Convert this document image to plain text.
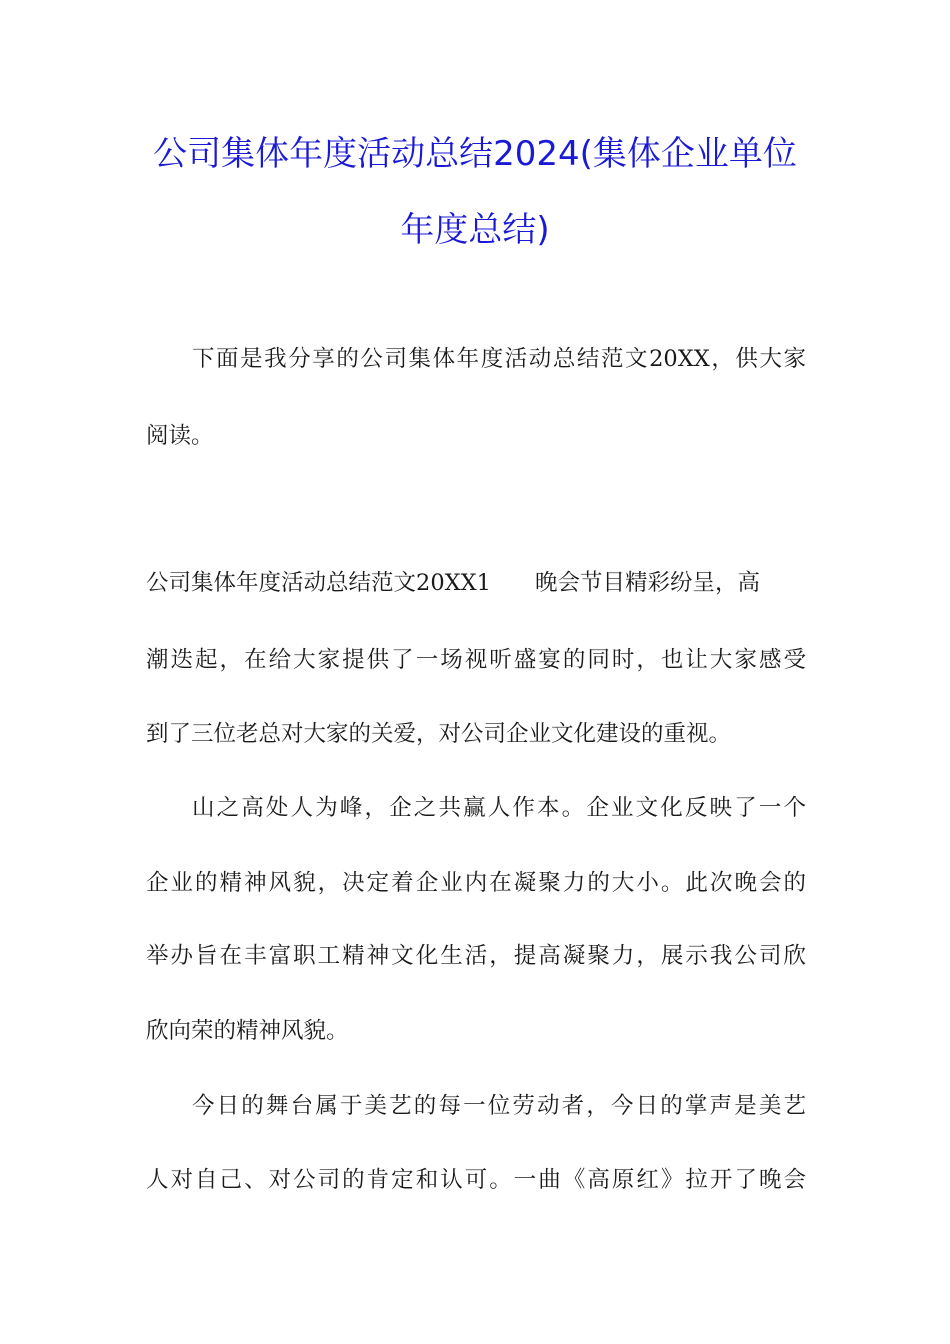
公司集体年度活动总结2024(集体企业单位
年度总结)
下面是我分享的公司集体年度活动总结范文20XX，供大家
阅读。
公司集体年度活动总结范文20XX1 晚会节目精彩纷呈，高
潮迭起，在给大家提供了一场视听盛宴的同时，也让大家感受
到了三位老总对大家的关爱，对公司企业文化建设的重视。
山之高处人为峰，企之共赢人作本。企业文化反映了一个
企业的精神风貌，决定着企业内在凝聚力的大小。此次晚会的
举办旨在丰富职工精神文化生活，提高凝聚力，展示我公司欣
欣向荣的精神风貌。
今日的舞台属于美艺的每一位劳动者，今日的掌声是美艺
人对自己、对公司的肯定和认可。一曲《高原红》拉开了晚会
